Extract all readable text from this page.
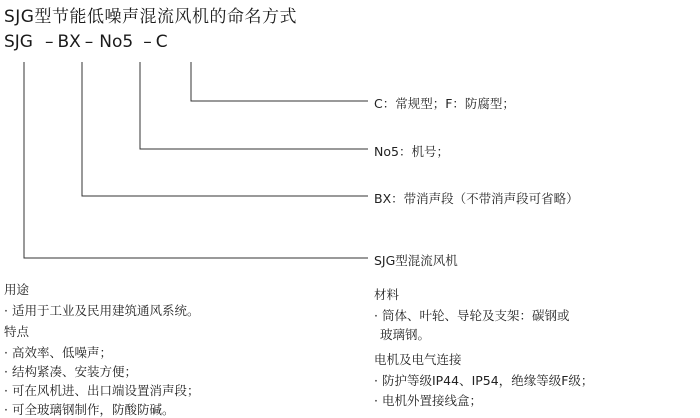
SJG型节能低噪声混流风机的命名方式
SJG – BX – No5 – C
C：常规型；F：防腐型；
No5：机号；
BX：带消声段（不带消声段可省略）
SJG型混流风机
用途
· 适用于工业及民用建筑通风系统。
特点
· 高效率、低噪声；
· 结构紧凑、安装方便；
· 可在风机进、出口端设置消声段；
· 可全玻璃钢制作，防酸防碱。
材料
· 筒体、叶轮、导轮及支架：碳钢或
玻璃钢。
电机及电气连接
· 防护等级IP44、IP54，绝缘等级F级；
· 电机外置接线盒；
